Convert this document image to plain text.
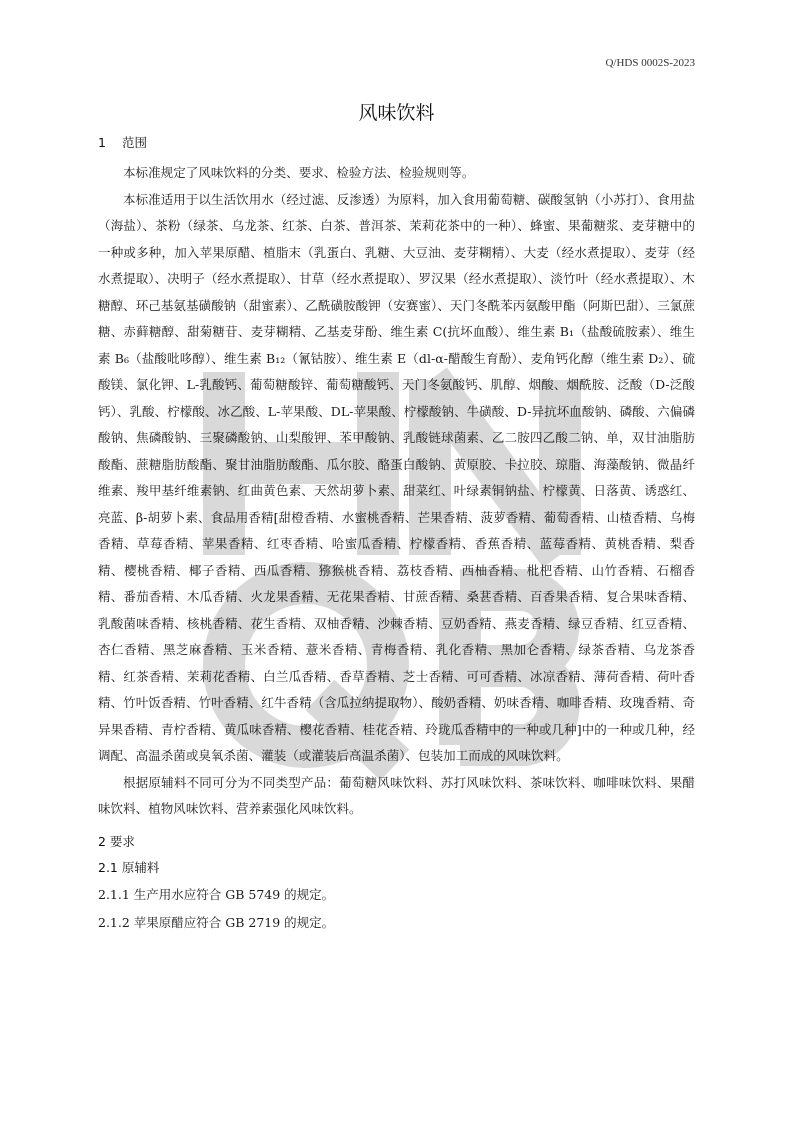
Q/HDS 0002S-2023
风味饮料
1 范围

本标准规定了风味饮料的分类、要求、检验方法、检验规则等。

本标准适用于以生活饮用水（经过滤、反渗透）为原料，加入食用葡萄糖、碳酸氢钠（小苏打）、食用盐（海盐）、茶粉（绿茶、乌龙茶、红茶、白茶、普洱茶、茉莉花茶中的一种）、蜂蜜、果葡糖浆、麦芽糖中的一种或多种，加入苹果原醋、植脂末（乳蛋白、乳糖、大豆油、麦芽糊精）、大麦（经水煮提取）、麦芽（经水煮提取）、决明子（经水煮提取）、甘草（经水煮提取）、罗汉果（经水煮提取）、淡竹叶（经水煮提取）、木糖醇、环己基氨基磺酸钠（甜蜜素）、乙酰磺胺酸钾（安赛蜜）、天门冬酰苯丙氨酸甲酯（阿斯巴甜）、三氯蔗糖、赤藓糖醇、甜菊糖苷、麦芽糊精、乙基麦芽酚、维生素 C(抗坏血酸）、维生素 B₁（盐酸硫胺素）、维生素 B₆（盐酸吡哆醇）、维生素 B₁₂（氰钴胺）、维生素 E（dl-α-醋酸生育酚）、麦角钙化醇（维生素 D₂）、硫酸镁、氯化钾、L-乳酸钙、葡萄糖酸锌、葡萄糖酸钙、天门冬氨酸钙、肌醇、烟酸、烟酰胺、泛酸（D-泛酸钙）、乳酸、柠檬酸、冰乙酸、L-苹果酸、DL-苹果酸、柠檬酸钠、牛磺酸、D-异抗坏血酸钠、磷酸、六偏磷酸钠、焦磷酸钠、三聚磷酸钠、山梨酸钾、苯甲酸钠、乳酸链球菌素、乙二胺四乙酸二钠、单，双甘油脂肪酸酯、蔗糖脂肪酸酯、聚甘油脂肪酸酯、瓜尔胶、酪蛋白酸钠、黄原胶、卡拉胶、琼脂、海藻酸钠、微晶纤维素、羧甲基纤维素钠、红曲黄色素、天然胡萝卜素、甜菜红、叶绿素铜钠盐、柠檬黄、日落黄、诱惑红、亮蓝、β-胡萝卜素、食品用香精[甜橙香精、水蜜桃香精、芒果香精、菠萝香精、葡萄香精、山楂香精、乌梅香精、草莓香精、苹果香精、红枣香精、哈蜜瓜香精、柠檬香精、香蕉香精、蓝莓香精、黄桃香精、梨香精、樱桃香精、椰子香精、西瓜香精、猕猴桃香精、荔枝香精、西柚香精、枇杷香精、山竹香精、石榴香精、番茄香精、木瓜香精、火龙果香精、无花果香精、甘蔗香精、桑葚香精、百香果香精、复合果味香精、乳酸菌味香精、核桃香精、花生香精、双柚香精、沙棘香精、豆奶香精、燕麦香精、绿豆香精、红豆香精、杏仁香精、黑芝麻香精、玉米香精、薏米香精、青梅香精、乳化香精、黑加仑香精、绿茶香精、乌龙茶香精、红茶香精、茉莉花香精、白兰瓜香精、香草香精、芝士香精、可可香精、冰凉香精、薄荷香精、荷叶香精、竹叶饭香精、竹叶香精、红牛香精（含瓜拉纳提取物）、酸奶香精、奶味香精、咖啡香精、玫瑰香精、奇异果香精、青柠香精、黄瓜味香精、樱花香精、桂花香精、玲珑瓜香精中的一种或几种]中的一种或几种，经调配、高温杀菌或臭氧杀菌、灌装（或灌装后高温杀菌）、包装加工而成的风味饮料。

根据原辅料不同可分为不同类型产品：葡萄糖风味饮料、苏打风味饮料、茶味饮料、咖啡味饮料、果醋味饮料、植物风味饮料、营养素强化风味饮料。

2 要求
2.1 原辅料

2.1.1 生产用水应符合 GB 5749 的规定。

2.1.2 苹果原醋应符合 GB 2719 的规定。
